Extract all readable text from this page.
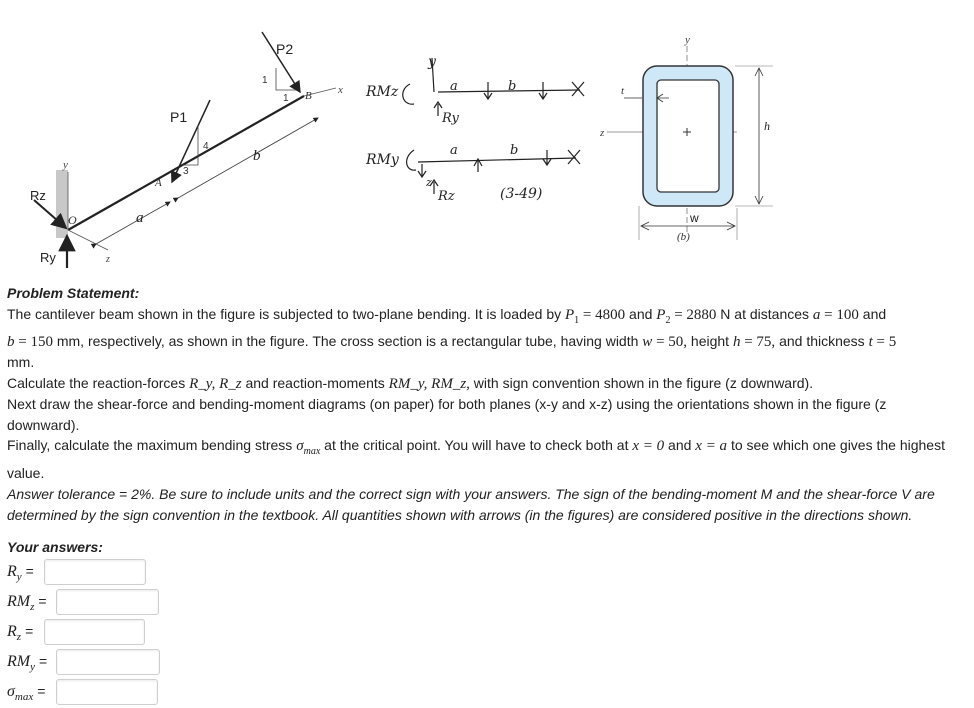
x
y
z
O
P2
1
1 B
P1
4
3
A
a
b
Rz
Ry
y
RMz	a	b
Ry
RMy
a	b
z
Rz	(3-49)
y
z
t
h
w
(b)

Problem Statement:

The cantilever beam shown in the figure is subjected to two-plane bending. It is loaded by $P_1 = 4800$ and $P_2 = 2880$ N at distances a = 100 and

b = 150 mm, respectively, as shown in the figure. The cross section is a rectangular tube, having width w = 50, height h = 75, and thickness t = 5

mm.

Calculate the reaction-forces R_y, R_z and reaction-moments RM_y, RM_z, with sign convention shown in the figure (z downward).

Next draw the shear-force and bending-moment diagrams (on paper) for both planes (x-y and x-z) using the orientations shown in the figure (z downward).

Finally, calculate the maximum bending stress $\sigma_{max}$ at the critical point. You will have to check both at x = 0 and x = a to see which one gives the highest value.

Answer tolerance = 2%. Be sure to include units and the correct sign with your answers. The sign of the bending-moment M and the shear-force V are determined by the sign convention in the textbook. All quantities shown with arrows (in the figures) are considered positive in the directions shown.
Your answers:
$R_y$ =
$RM_z$ =
$R_z$ =
$RM_y$ =
$\sigma_{max}$ =
